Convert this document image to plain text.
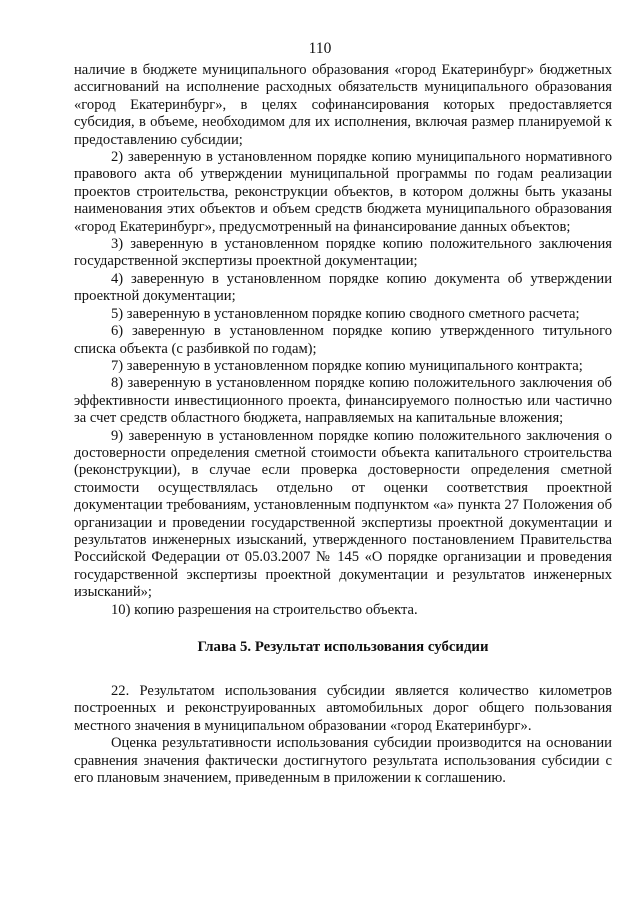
110

наличие в бюджете муниципального образования «город Екатеринбург» бюджетных ассигнований на исполнение расходных обязательств муниципального образования «город Екатеринбург», в целях софинансирования которых предоставляется субсидия, в объеме, необходимом для их исполнения, включая размер планируемой к предоставлению субсидии;

2) заверенную в установленном порядке копию муниципального нормативного правового акта об утверждении муниципальной программы по годам реализации проектов строительства, реконструкции объектов, в котором должны быть указаны наименования этих объектов и объем средств бюджета муниципального образования «город Екатеринбург», предусмотренный на финансирование данных объектов;

3) заверенную в установленном порядке копию положительного заключения государственной экспертизы проектной документации;

4) заверенную в установленном порядке копию документа об утверждении проектной документации;

5) заверенную в установленном порядке копию сводного сметного расчета;

6) заверенную в установленном порядке копию утвержденного титульного списка объекта (с разбивкой по годам);

7) заверенную в установленном порядке копию муниципального контракта;

8) заверенную в установленном порядке копию положительного заключения об эффективности инвестиционного проекта, финансируемого полностью или частично за счет средств областного бюджета, направляемых на капитальные вложения;

9) заверенную в установленном порядке копию положительного заключения о достоверности определения сметной стоимости объекта капитального строительства (реконструкции), в случае если проверка достоверности определения сметной стоимости осуществлялась отдельно от оценки соответствия проектной документации требованиям, установленным подпунктом «а» пункта 27 Положения об организации и проведении государственной экспертизы проектной документации и результатов инженерных изысканий, утвержденного постановлением Правительства Российской Федерации от 05.03.2007 № 145 «О порядке организации и проведения государственной экспертизы проектной документации и результатов инженерных изысканий»;

10) копию разрешения на строительство объекта.

Глава 5. Результат использования субсидии

22. Результатом использования субсидии является количество километров построенных и реконструированных автомобильных дорог общего пользования местного значения в муниципальном образовании «город Екатеринбург».

Оценка результативности использования субсидии производится на основании сравнения значения фактически достигнутого результата использования субсидии с его плановым значением, приведенным в приложении к соглашению.
